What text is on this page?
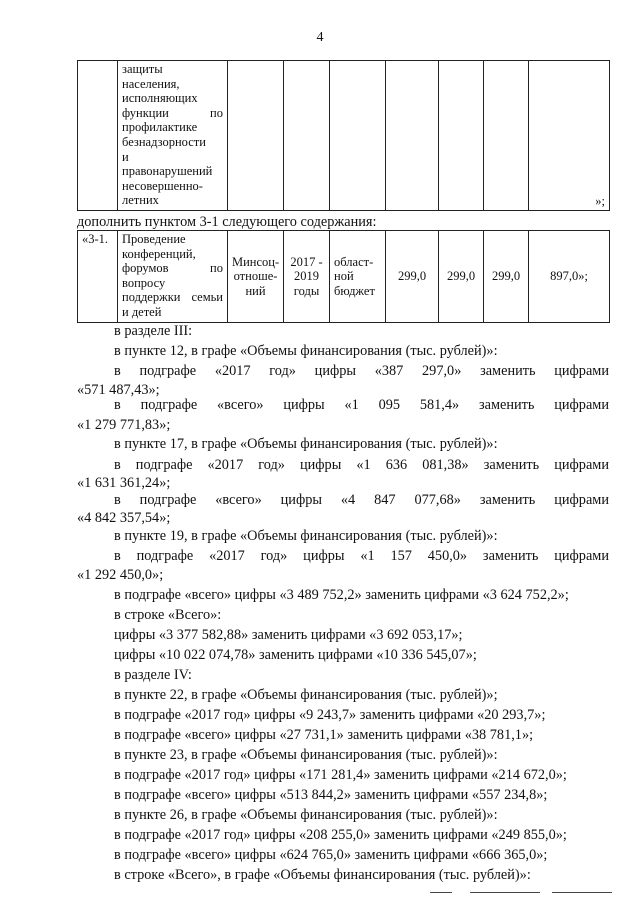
4

защиты
населения,
исполняющих
функции по
профилактике
безнадзорности
и
правонарушений
несовершенно-
летних							»;
дополнить пунктом 3-1 следующего содержания:
«3-1.	Проведение конференций, форумов по вопросу поддержки семьи и детей	Минсоц-отноше-ний	2017 - 2019 годы	област-ной бюджет	299,0	299,0	299,0	897,0»;
в разделе III:
в пункте 12, в графе «Объемы финансирования (тыс. рублей)»:
в подграфе «2017 год» цифры «387 297,0» заменить цифрами
«571 487,43»;
в подграфе «всего» цифры «1 095 581,4» заменить цифрами
«1 279 771,83»;
в пункте 17, в графе «Объемы финансирования (тыс. рублей)»:
в подграфе «2017 год» цифры «1 636 081,38» заменить цифрами
«1 631 361,24»;
в подграфе «всего» цифры «4 847 077,68» заменить цифрами
«4 842 357,54»;
в пункте 19, в графе «Объемы финансирования (тыс. рублей)»:
в подграфе «2017 год» цифры «1 157 450,0» заменить цифрами
«1 292 450,0»;
в подграфе «всего» цифры «3 489 752,2» заменить цифрами «3 624 752,2»;
в строке «Всего»:
цифры «3 377 582,88» заменить цифрами «3 692 053,17»;
цифры «10 022 074,78» заменить цифрами «10 336 545,07»;
в разделе IV:
в пункте 22, в графе «Объемы финансирования (тыс. рублей)»;
в подграфе «2017 год» цифры «9 243,7» заменить цифрами «20 293,7»;
в подграфе «всего» цифры «27 731,1» заменить цифрами «38 781,1»;
в пункте 23, в графе «Объемы финансирования (тыс. рублей)»:
в подграфе «2017 год» цифры «171 281,4» заменить цифрами «214 672,0»;
в подграфе «всего» цифры «513 844,2» заменить цифрами «557 234,8»;
в пункте 26, в графе «Объемы финансирования (тыс. рублей)»:
в подграфе «2017 год» цифры «208 255,0» заменить цифрами «249 855,0»;
в подграфе «всего» цифры «624 765,0» заменить цифрами «666 365,0»;
в строке «Всего», в графе «Объемы финансирования (тыс. рублей)»:
